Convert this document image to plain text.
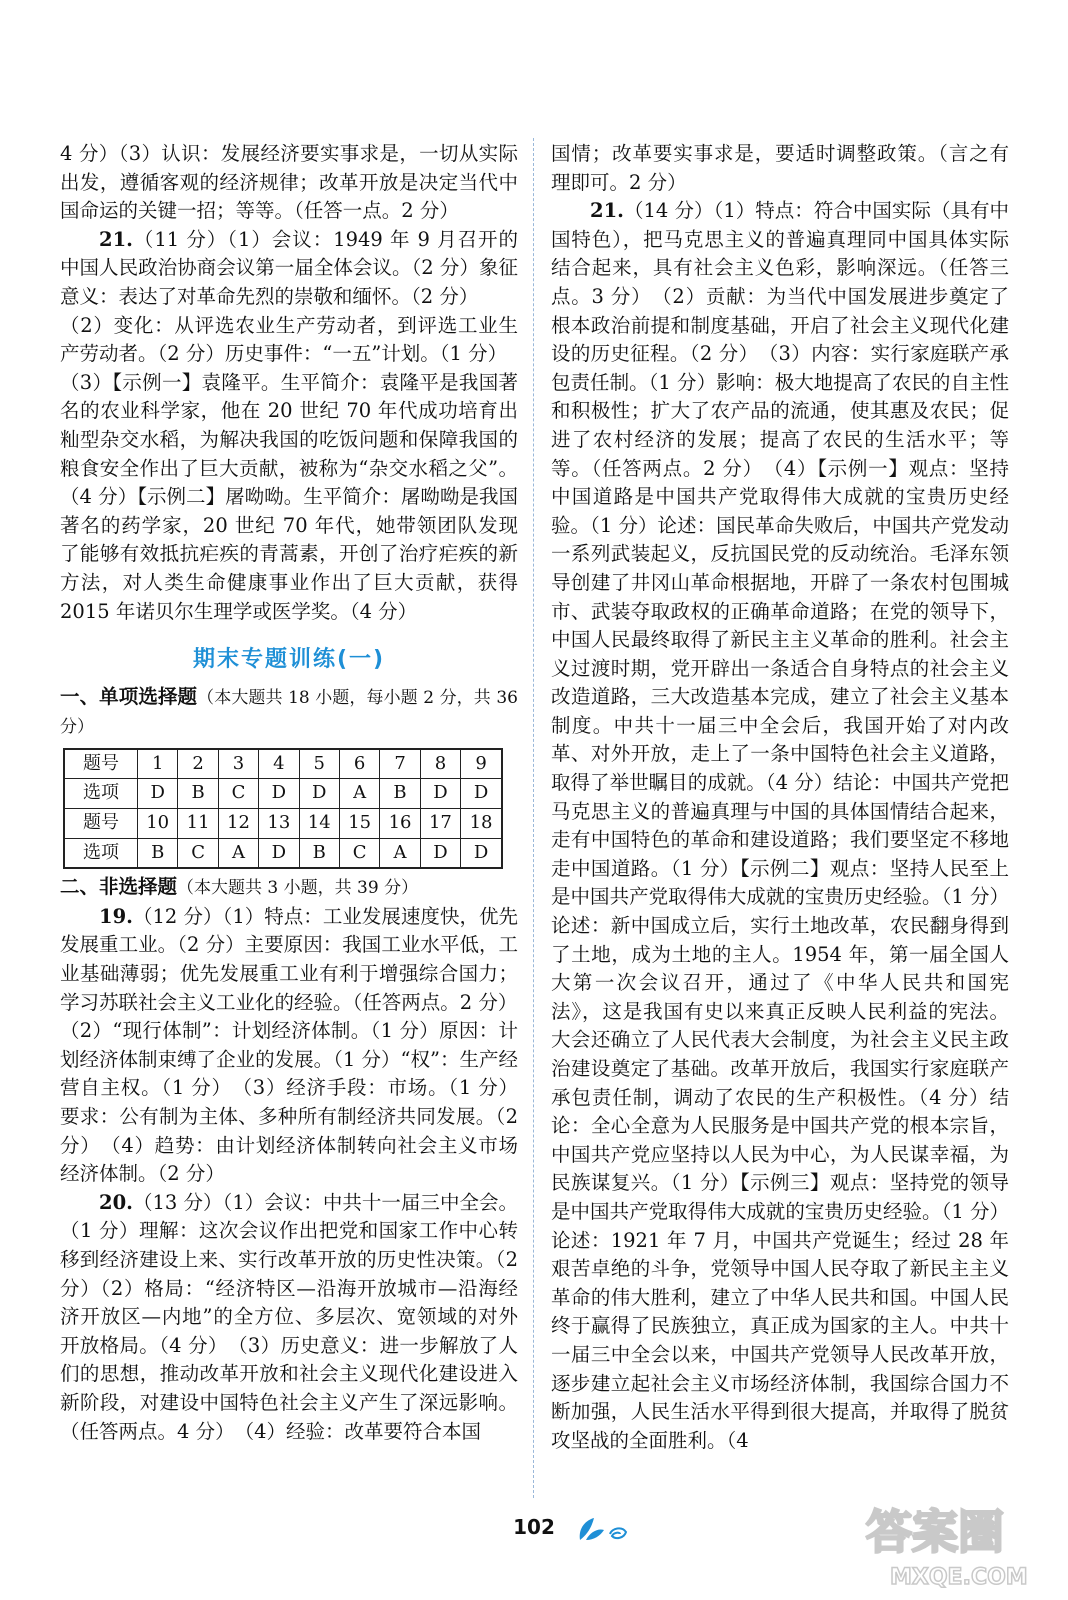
4 分）（3）认识：发展经济要实事求是，一切从实际出发，遵循客观的经济规律；改革开放是决定当代中国命运的关键一招；等等。（任答一点。2 分）

21.（11 分）（1）会议：1949 年 9 月召开的中国人民政治协商会议第一届全体会议。（2 分）象征意义：表达了对革命先烈的崇敬和缅怀。（2 分）

（2）变化：从评选农业生产劳动者，到评选工业生产劳动者。（2 分）历史事件：“一五”计划。（1 分）

（3）【示例一】袁隆平。生平简介：袁隆平是我国著名的农业科学家，他在 20 世纪 70 年代成功培育出籼型杂交水稻，为解决我国的吃饭问题和保障我国的粮食安全作出了巨大贡献，被称为“杂交水稻之父”。（4 分）【示例二】屠呦呦。生平简介：屠呦呦是我国著名的药学家，20 世纪 70 年代，她带领团队发现了能够有效抵抗疟疾的青蒿素，开创了治疗疟疾的新方法，对人类生命健康事业作出了巨大贡献，获得 2015 年诺贝尔生理学或医学奖。（4 分）

期末专题训练(一)

一、单项选择题（本大题共 18 小题，每小题 2 分，共 36 分）

题号	1	2	3	4	5	6	7	8	9
选项	D	B	C	D	D	A	B	D	D
题号	10	11	12	13	14	15	16	17	18
选项	B	C	A	D	B	C	A	D	D

二、非选择题（本大题共 3 小题，共 39 分）

19.（12 分）（1）特点：工业发展速度快，优先发展重工业。（2 分）主要原因：我国工业水平低，工业基础薄弱；优先发展重工业有利于增强综合国力；学习苏联社会主义工业化的经验。（任答两点。2 分）

（2）“现行体制”：计划经济体制。（1 分）原因：计划经济体制束缚了企业的发展。（1 分）“权”：生产经营自主权。（1 分）　（3）经济手段：市场。（1 分）要求：公有制为主体、多种所有制经济共同发展。（2 分）　（4）趋势：由计划经济体制转向社会主义市场经济体制。（2 分）

20.（13 分）（1）会议：中共十一届三中全会。（1 分）理解：这次会议作出把党和国家工作中心转移到经济建设上来、实行改革开放的历史性决策。（2 分）（2）格局：“经济特区—沿海开放城市—沿海经济开放区—内地”的全方位、多层次、宽领域的对外开放格局。（4 分）　（3）历史意义：进一步解放了人们的思想，推动改革开放和社会主义现代化建设进入新阶段，对建设中国特色社会主义产生了深远影响。（任答两点。4 分）　（4）经验：改革要符合本国

国情；改革要实事求是，要适时调整政策。（言之有理即可。2 分）

21.（14 分）（1）特点：符合中国实际（具有中国特色），把马克思主义的普遍真理同中国具体实际结合起来，具有社会主义色彩，影响深远。（任答三点。3 分）　（2）贡献：为当代中国发展进步奠定了根本政治前提和制度基础，开启了社会主义现代化建设的历史征程。（2 分）　（3）内容：实行家庭联产承包责任制。（1 分）影响：极大地提高了农民的自主性和积极性；扩大了农产品的流通，使其惠及农民；促进了农村经济的发展；提高了农民的生活水平；等等。（任答两点。2 分）　（4）【示例一】观点：坚持中国道路是中国共产党取得伟大成就的宝贵历史经验。（1 分）论述：国民革命失败后，中国共产党发动一系列武装起义，反抗国民党的反动统治。毛泽东领导创建了井冈山革命根据地，开辟了一条农村包围城市、武装夺取政权的正确革命道路；在党的领导下，中国人民最终取得了新民主主义革命的胜利。社会主义过渡时期，党开辟出一条适合自身特点的社会主义改造道路，三大改造基本完成，建立了社会主义基本制度。中共十一届三中全会后，我国开始了对内改革、对外开放，走上了一条中国特色社会主义道路，取得了举世瞩目的成就。（4 分）结论：中国共产党把马克思主义的普遍真理与中国的具体国情结合起来，走有中国特色的革命和建设道路；我们要坚定不移地走中国道路。（1 分）【示例二】观点：坚持人民至上是中国共产党取得伟大成就的宝贵历史经验。（1 分）论述：新中国成立后，实行土地改革，农民翻身得到了土地，成为土地的主人。1954 年，第一届全国人大第一次会议召开，通过了《中华人民共和国宪法》，这是我国有史以来真正反映人民利益的宪法。大会还确立了人民代表大会制度，为社会主义民主政治建设奠定了基础。改革开放后，我国实行家庭联产承包责任制，调动了农民的生产积极性。（4 分）结论：全心全意为人民服务是中国共产党的根本宗旨，中国共产党应坚持以人民为中心，为人民谋幸福，为民族谋复兴。（1 分）【示例三】观点：坚持党的领导是中国共产党取得伟大成就的宝贵历史经验。（1 分）论述：1921 年 7 月，中国共产党诞生；经过 28 年艰苦卓绝的斗争，党领导中国人民夺取了新民主主义革命的伟大胜利，建立了中华人民共和国。中国人民终于赢得了民族独立，真正成为国家的主人。中共十一届三中全会以来，中国共产党领导人民改革开放，逐步建立起社会主义市场经济体制，我国综合国力不断加强，人民生活水平得到很大提高，并取得了脱贫攻坚战的全面胜利。（4

102	答案圈
MXQE.COM
